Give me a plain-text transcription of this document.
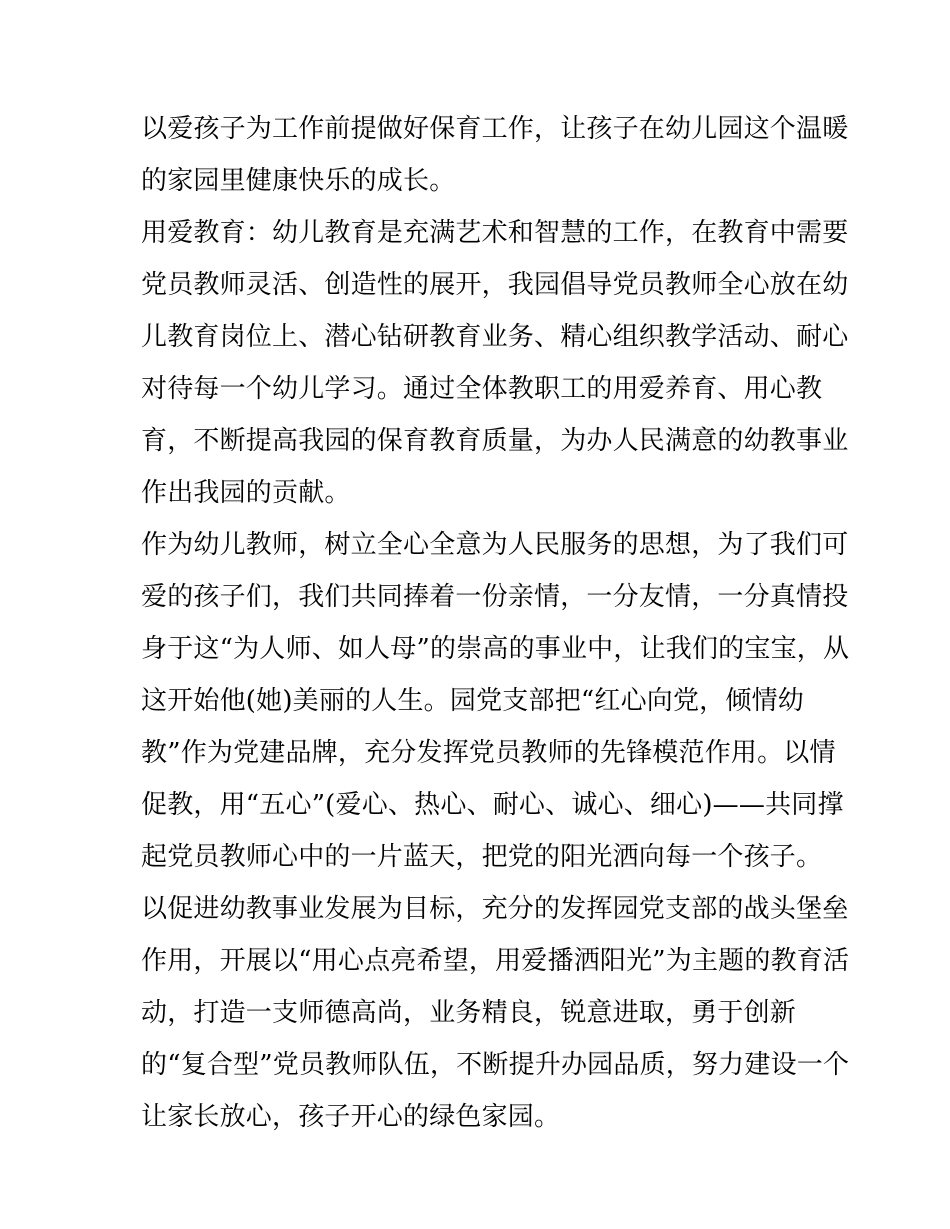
以爱孩子为工作前提做好保育工作，让孩子在幼儿园这个温暖
的家园里健康快乐的成长。
用爱教育：幼儿教育是充满艺术和智慧的工作，在教育中需要
党员教师灵活、创造性的展开，我园倡导党员教师全心放在幼
儿教育岗位上、潜心钻研教育业务、精心组织教学活动、耐心
对待每一个幼儿学习。通过全体教职工的用爱养育、用心教
育，不断提高我园的保育教育质量，为办人民满意的幼教事业
作出我园的贡献。
作为幼儿教师，树立全心全意为人民服务的思想，为了我们可
爱的孩子们，我们共同捧着一份亲情，一分友情，一分真情投
身于这“为人师、如人母”的崇高的事业中，让我们的宝宝，从
这开始他(她)美丽的人生。园党支部把“红心向党，倾情幼
教”作为党建品牌，充分发挥党员教师的先锋模范作用。以情
促教，用“五心”(爱心、热心、耐心、诚心、细心)——共同撑
起党员教师心中的一片蓝天，把党的阳光洒向每一个孩子。
以促进幼教事业发展为目标，充分的发挥园党支部的战头堡垒
作用，开展以“用心点亮希望，用爱播洒阳光”为主题的教育活
动，打造一支师德高尚，业务精良，锐意进取，勇于创新
的“复合型”党员教师队伍，不断提升办园品质，努力建设一个
让家长放心，孩子开心的绿色家园。
